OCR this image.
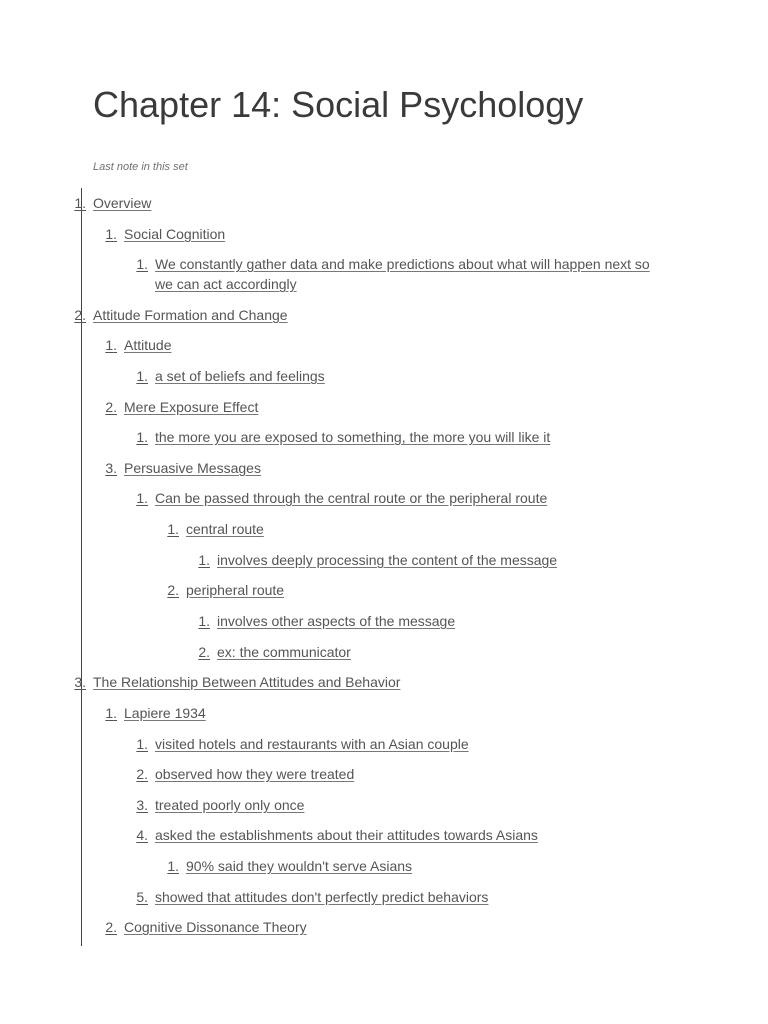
Chapter 14: Social Psychology
Last note in this set
1. Overview
1. Social Cognition
1. We constantly gather data and make predictions about what will happen next so
we can act accordingly
2. Attitude Formation and Change
1. Attitude
1. a set of beliefs and feelings
2. Mere Exposure Effect
1. the more you are exposed to something, the more you will like it
3. Persuasive Messages
1. Can be passed through the central route or the peripheral route
1. central route
1. involves deeply processing the content of the message
2. peripheral route
1. involves other aspects of the message
2. ex: the communicator
3. The Relationship Between Attitudes and Behavior
1. Lapiere 1934
1. visited hotels and restaurants with an Asian couple
2. observed how they were treated
3. treated poorly only once
4. asked the establishments about their attitudes towards Asians
1. 90% said they wouldn't serve Asians
5. showed that attitudes don't perfectly predict behaviors
2. Cognitive Dissonance Theory
